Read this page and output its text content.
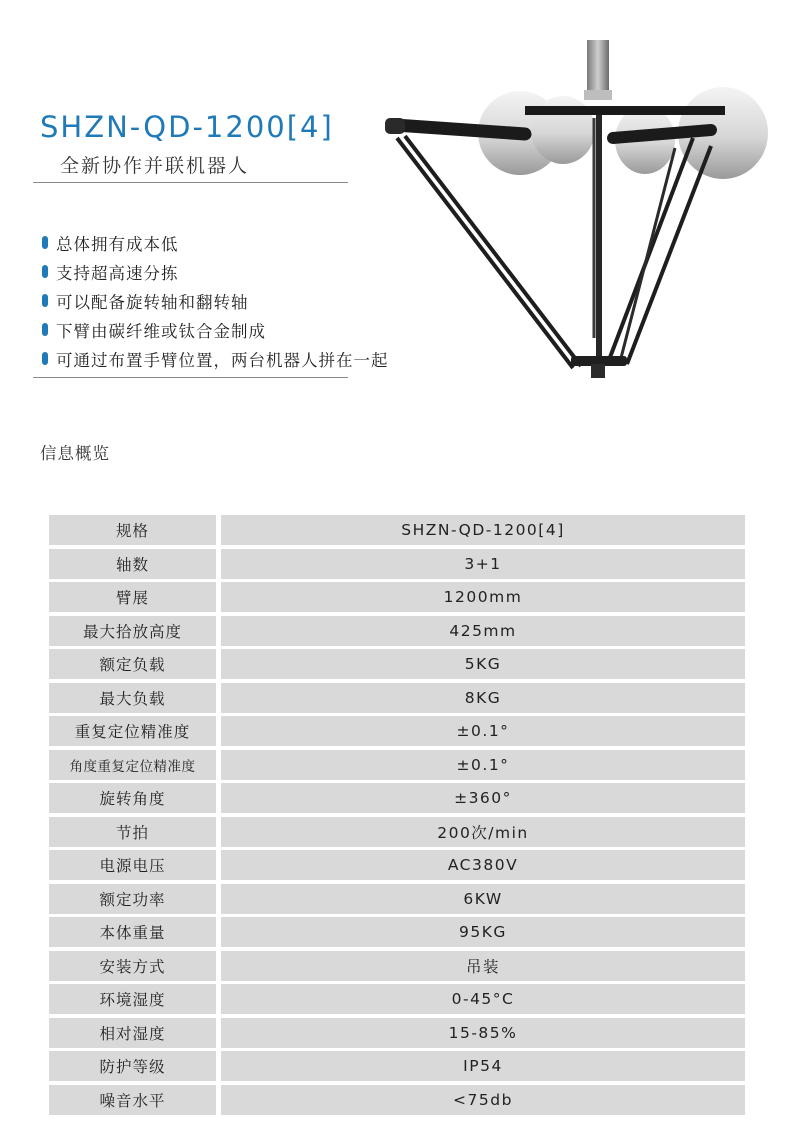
SHZN-QD-1200[4]
全新协作并联机器人
总体拥有成本低
支持超高速分拣
可以配备旋转轴和翻转轴
下臂由碳纤维或钛合金制成
可通过布置手臂位置，两台机器人拼在一起
信息概览
规格	SHZN-QD-1200[4]
轴数	3+1
臂展	1200mm
最大拾放高度	425mm
额定负载	5KG
最大负载	8KG
重复定位精准度	±0.1°
角度重复定位精准度	±0.1°
旋转角度	±360°
节拍	200次/min
电源电压	AC380V
额定功率	6KW
本体重量	95KG
安装方式	吊装
环境湿度	0-45°C
相对湿度	15-85%
防护等级	IP54
噪音水平	<75db
